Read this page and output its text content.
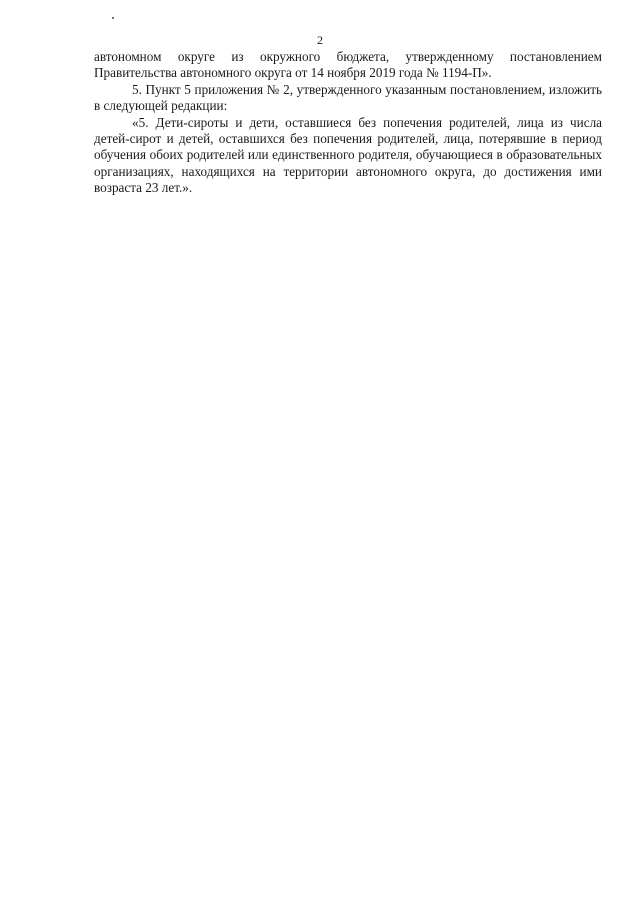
2

автономном округе из окружного бюджета, утвержденному постановлением Правительства автономного округа от 14 ноября 2019 года № 1194-П».

5. Пункт 5 приложения № 2, утвержденного указанным постановлением, изложить в следующей редакции:

«5. Дети-сироты и дети, оставшиеся без попечения родителей, лица из числа детей-сирот и детей, оставшихся без попечения родителей, лица, потерявшие в период обучения обоих родителей или единственного родителя, обучающиеся в образовательных организациях, находящихся на территории автономного округа, до достижения ими возраста 23 лет.».
